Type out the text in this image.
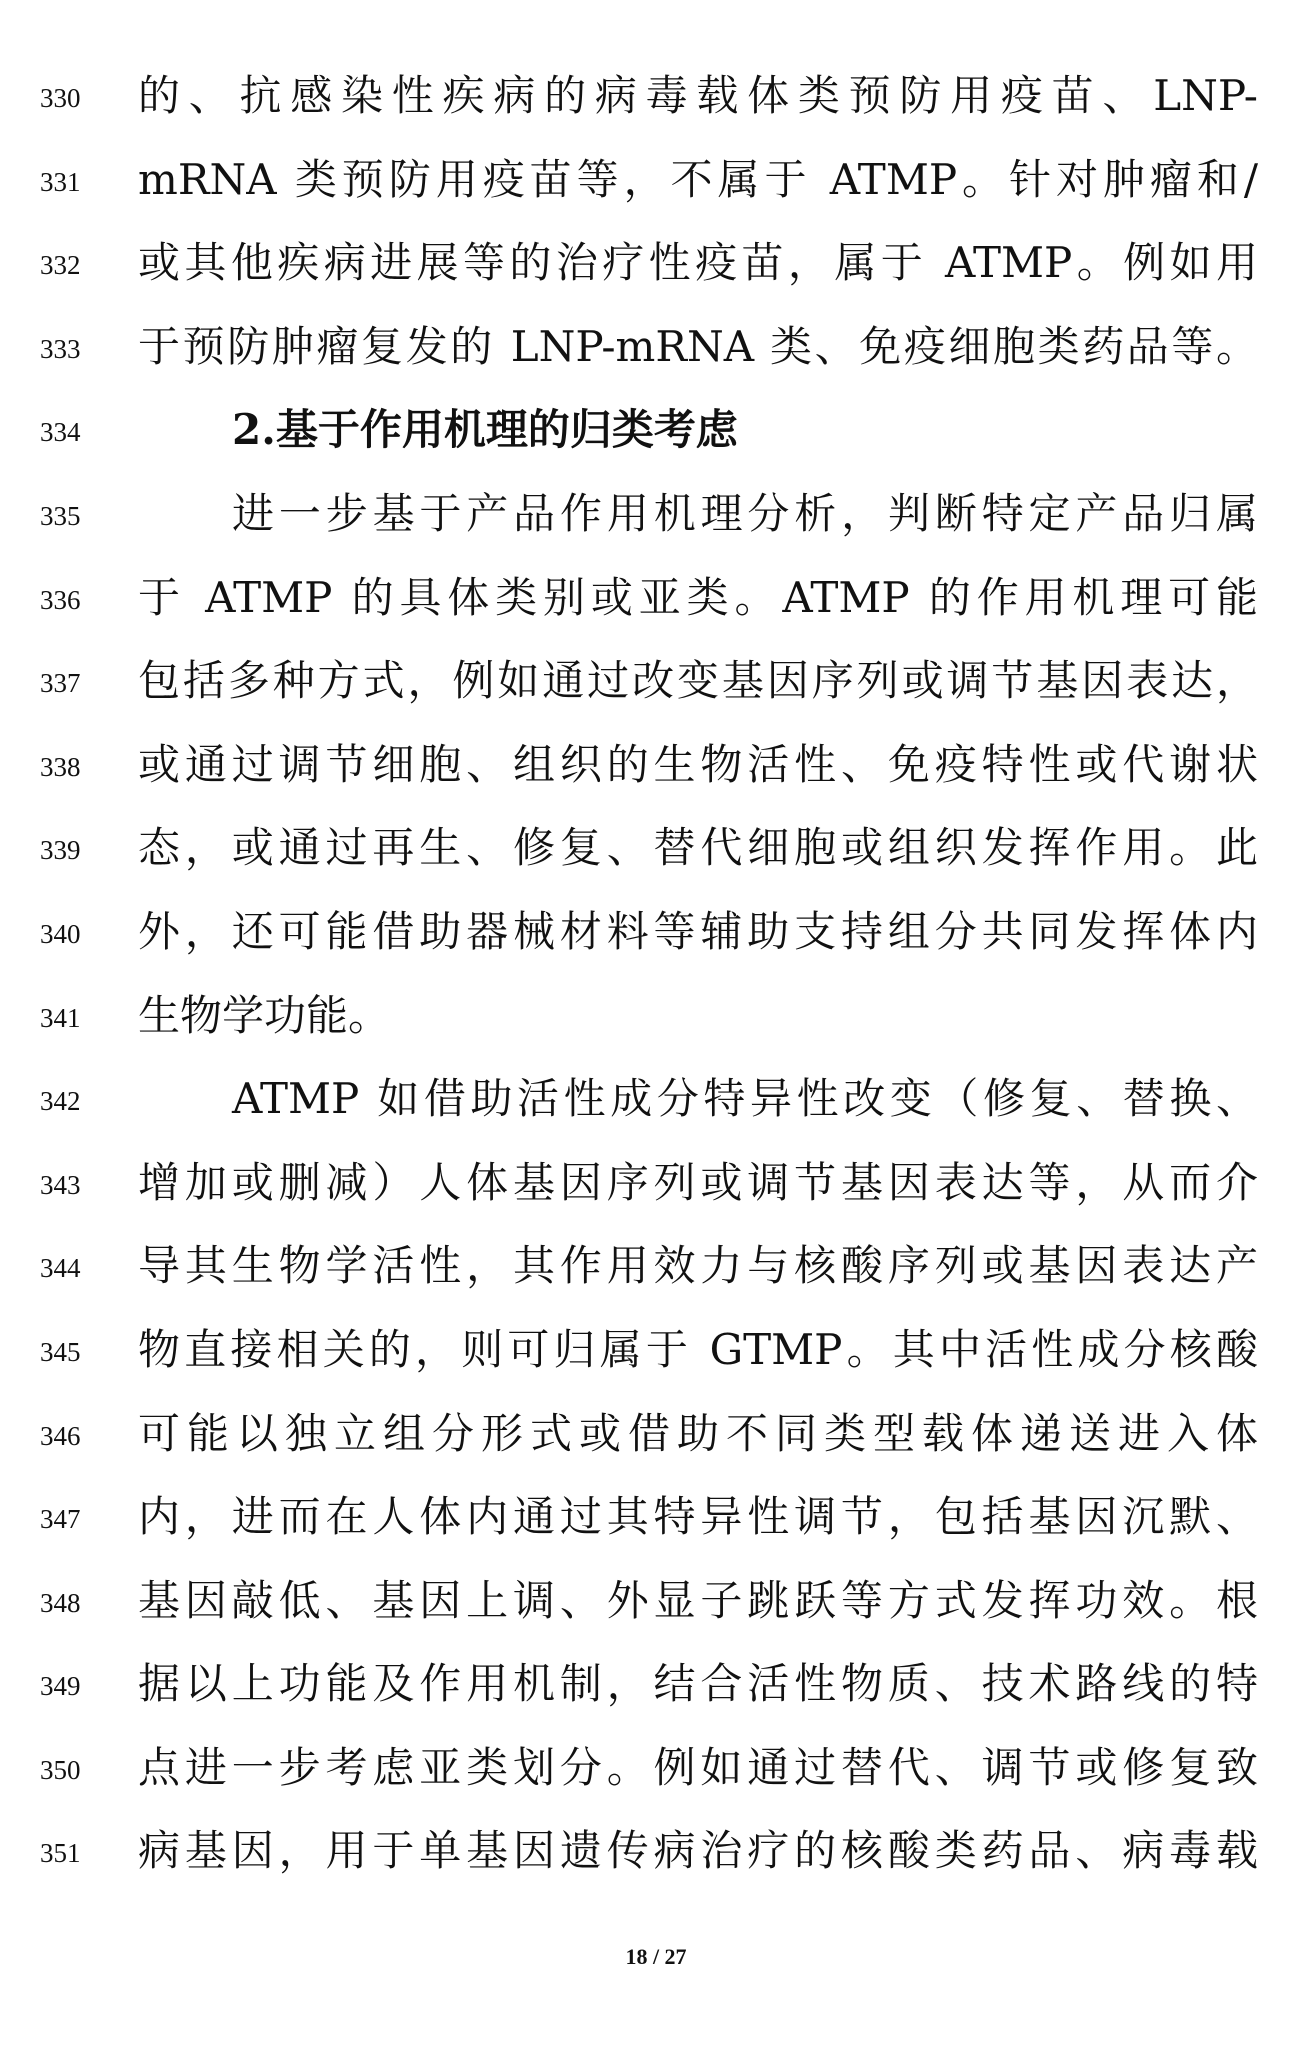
330	的、抗感染性疾病的病毒载体类预防用疫苗、LNP-
331	mRNA 类预防用疫苗等，不属于 ATMP。针对肿瘤和/
332	或其他疾病进展等的治疗性疫苗，属于 ATMP。例如用
333	于预防肿瘤复发的 LNP-mRNA 类、免疫细胞类药品等。
334	2.基于作用机理的归类考虑
335	进一步基于产品作用机理分析，判断特定产品归属
336	于 ATMP 的具体类别或亚类。ATMP 的作用机理可能
337	包括多种方式，例如通过改变基因序列或调节基因表达，
338	或通过调节细胞、组织的生物活性、免疫特性或代谢状
339	态，或通过再生、修复、替代细胞或组织发挥作用。此
340	外，还可能借助器械材料等辅助支持组分共同发挥体内
341	生物学功能。
342	ATMP 如借助活性成分特异性改变（修复、替换、
343	增加或删减）人体基因序列或调节基因表达等，从而介
344	导其生物学活性，其作用效力与核酸序列或基因表达产
345	物直接相关的，则可归属于 GTMP。其中活性成分核酸
346	可能以独立组分形式或借助不同类型载体递送进入体
347	内，进而在人体内通过其特异性调节，包括基因沉默、
348	基因敲低、基因上调、外显子跳跃等方式发挥功效。根
349	据以上功能及作用机制，结合活性物质、技术路线的特
350	点进一步考虑亚类划分。例如通过替代、调节或修复致
351	病基因，用于单基因遗传病治疗的核酸类药品、病毒载
18 / 27
